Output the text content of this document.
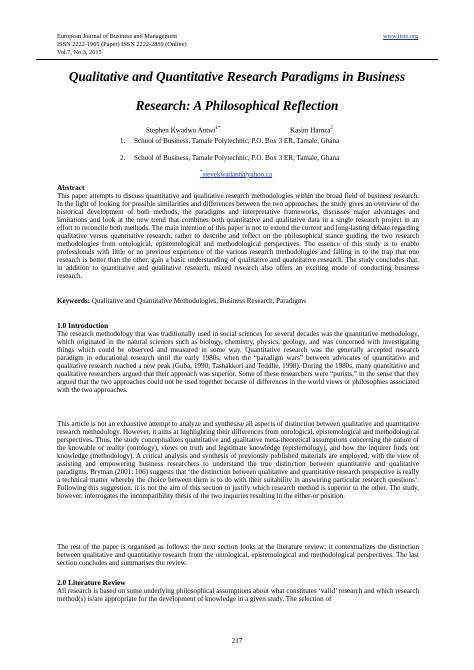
European Journal of Business and Management
ISSN 2222-1905 (Paper) ISSN 2222-2839 (Online)
Vol.7, No.3, 2015
www.iiste.org
Qualitative and Quantitative Research Paradigms in Business
Research: A Philosophical Reflection
Stephen Kwadwo Antwi$^{1*}$	Kasim Hamza$^2$
1. School of Business, Tamale Polytechnic, P.O. Box 3 ER, Tamale, Ghana
2. School of Business, Tamale Polytechnic, P.O. Box 3 ER, Tamale, Ghana
*stevekwadant@yahoo.ca
Abstract

This paper attempts to discuss quantitative and qualitative research methodologies within the broad field of business research. In the light of looking for possible similarities and differences between the two approaches, the study gives an overview of the historical development of both methods, the paradigms and interpretative frameworks, discusses major advantages and limitations and look at the new trend that combines both quantitative and qualitative data in a single research project in an effort to reconcile both methods. The main intention of this paper is not to extend the current and long-lasting debate regarding qualitative versus quantitative research, rather to describe and reflect on the philosophical stance guiding the two research methodologies from ontological, epistemological and methodological perspectives. The essence of this study is to enable professionals with little or no previous experience of the various research methodologies and falling in to the trap that one research is better than the other, gain a basic understanding of qualitative and quantitative research. The study concludes that, in addition to quantitative and qualitative research, mixed research also offers an exciting mode of conducting business research.

Keywords: Qualitative and Quantitative Methodologies, Business Research, Paradigms

1.0 Introduction

The research methodology that was traditionally used in social sciences for several decades was the quantitative methodology, which originated in the natural sciences such as biology, chemistry, physics, geology, and was concerned with investigating things which could be observed and measured in some way. Quantitative research was the generally accepted research paradigm in educational research until the early 1980s, when the “paradigm wars” between advocates of quantitative and qualitative research reached a new peak (Guba, 1990; Tashakkori and Teddlie, 1998). During the 1980s, many quantitative and qualitative researchers argued that their approach was superior. Some of these researchers were “purists,” in the sense that they argued that the two approaches could not be used together because of differences in the world views or philosophies associated with the two approaches.

This article is not an exhaustive attempt to analyze and synthesise all aspects of distinction between qualitative and quantitative research methodology. However, it aims at highlighting their differences from ontological, epistemological and methodological perspectives. Thus, the study conceptualizes quantitative and qualitative meta-theoretical assumptions concerning the nature of the knowable or reality (ontology), views on truth and legitimate knowledge (epistemology), and how the inquirer finds out knowledge (methodology). A critical analysis and synthesis of previously published materials are employed, with the view of assisting and empowering business researchers to understand the true distinction between quantitative and qualitative paradigms. Bryman (2001: 106) suggests that ‘the distinction between qualitative and quantitative research perspective is really a technical matter whereby the choice between them is to do with their suitability in answering particular research questions’. Following this suggestion, it is not the aim of this section to justify which research method is superior to the other. The study, however, interrogates the incompatibility thesis of the two inquiries resulting in the either-or position.

The rest of the paper is organised as follows: the next section looks at the literature review; it contextualizes the distinction between qualitative and quantitative research from the ontological, epistemological and methodological perspectives. The last section concludes and summarises the review.

2.0 Literature Review

All research is based on some underlying philosophical assumptions about what constitutes ‘valid’ research and which research method(s) is/are appropriate for the development of knowledge in a given study. The selection of

217
